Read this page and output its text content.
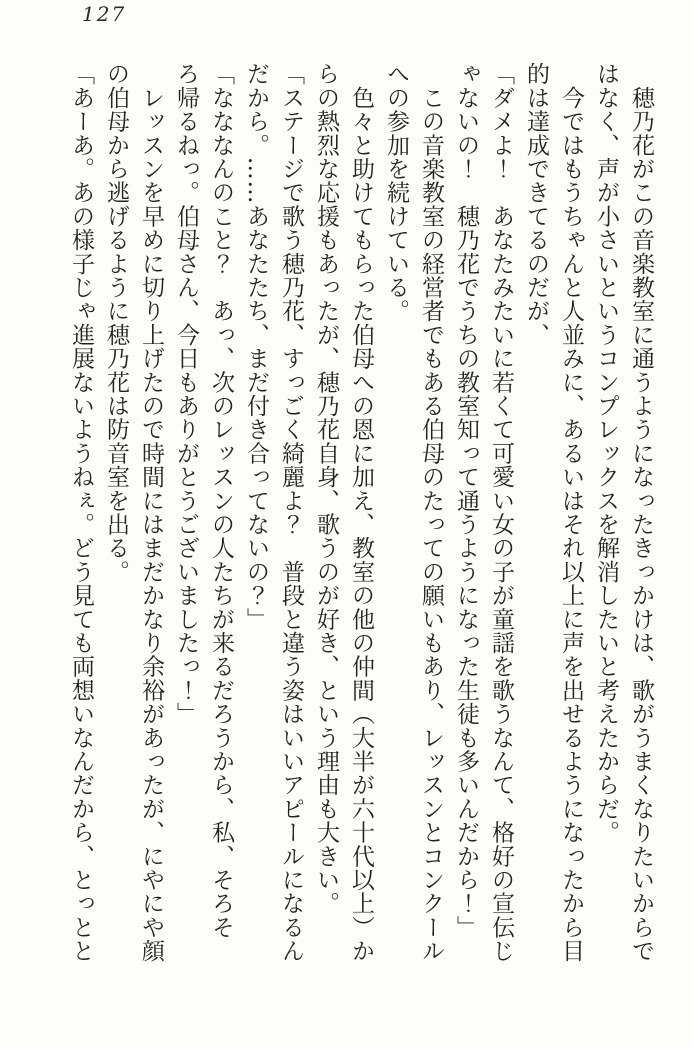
127
　穂乃花がこの音楽教室に通うようになったきっかけは、歌がうまくなりたいからで
はなく、声が小さいというコンプレックスを解消したいと考えたからだ。
　今ではもうちゃんと人並みに、あるいはそれ以上に声を出せるようになったから目
的は達成できてるのだが、
「ダメよ！　あなたみたいに若くて可愛い女の子が童謡を歌うなんて、格好の宣伝じ
ゃないの！　穂乃花でうちの教室知って通うようになった生徒も多いんだから！」
　この音楽教室の経営者でもある伯母のたっての願いもあり、レッスンとコンクール
への参加を続けている。
　色々と助けてもらった伯母への恩に加え、教室の他の仲間（大半が六十代以上）か
らの熱烈な応援もあったが、穂乃花自身、歌うのが好き、という理由も大きい。
「ステージで歌う穂乃花、すっごく綺麗よ？　普段と違う姿はいいアピールになるん
だから。……あなたたち、まだ付き合ってないの？」
「なななんのこと？　あっ、次のレッスンの人たちが来るだろうから、私、そろそ
ろ帰るねっ。伯母さん、今日もありがとうございましたっ！」
　レッスンを早めに切り上げたので時間にはまだかなり余裕があったが、にやにや顔
の伯母から逃げるように穂乃花は防音室を出る。
「あーあ。あの様子じゃ進展ないようねぇ。どう見ても両想いなんだから、とっとと
